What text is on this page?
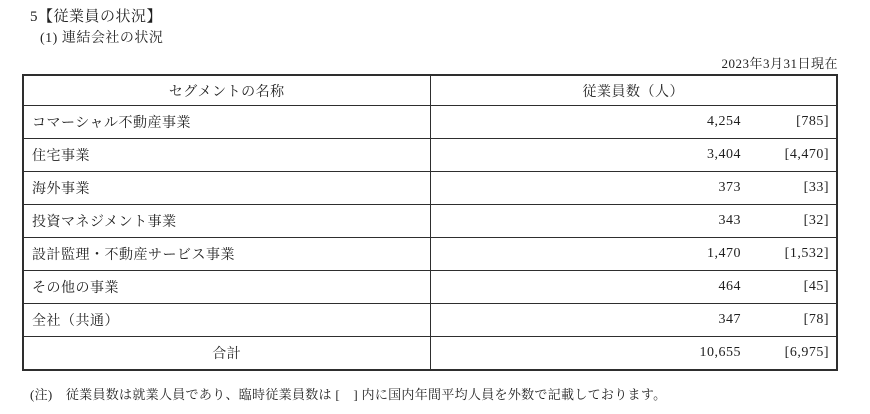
5【従業員の状況】
(1) 連結会社の状況
2023年3月31日現在
セグメントの名称	従業員数（人）
コマーシャル不動産事業	4,254 [785]

住宅事業	3,404 [4,470]

海外事業	373 [33]

投資マネジメント事業	343 [32]

設計監理・不動産サービス事業	1,470 [1,532]

その他の事業	464 [45]

全社（共通）	347 [78]

合計	10,655 [6,975]
(注)　従業員数は就業人員であり、臨時従業員数は [　] 内に国内年間平均人員を外数で記載しております。
